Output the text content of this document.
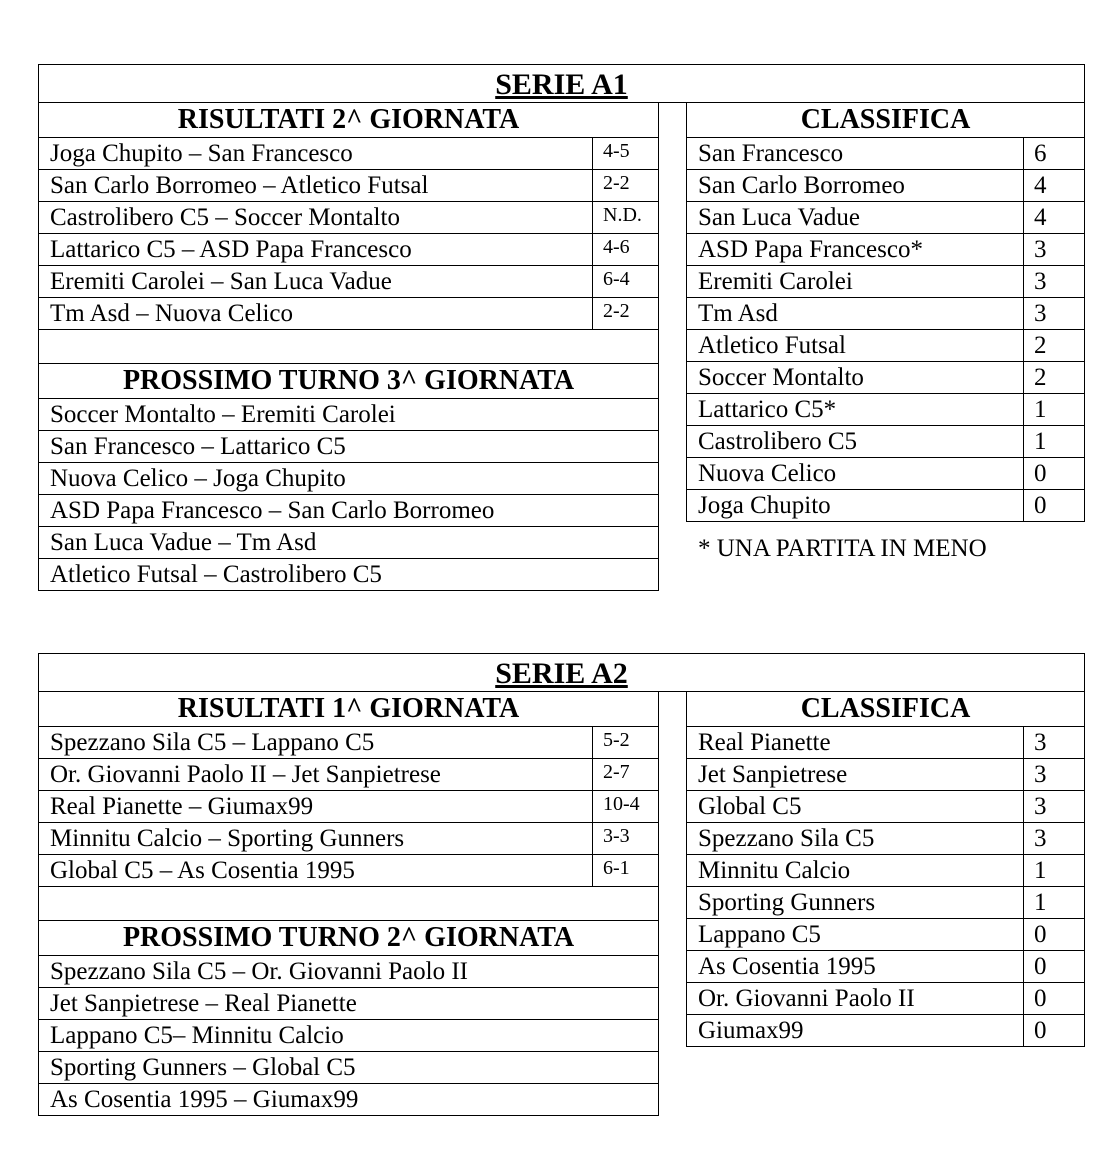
SERIE A1
RISULTATI 2^ GIORNATA	
Joga Chupito – San Francesco	4-5
San Carlo Borromeo – Atletico Futsal	2-2
Castrolibero C5 – Soccer Montalto	N.D.
Lattarico C5 – ASD Papa Francesco	4-6
Eremiti Carolei – San Luca Vadue	6-4
Tm Asd – Nuova Celico	2-2

PROSSIMO TURNO 3^ GIORNATA	
Soccer Montalto – Eremiti Carolei	
San Francesco – Lattarico C5	
Nuova Celico – Joga Chupito	
ASD Papa Francesco – San Carlo Borromeo	
San Luca Vadue – Tm Asd	
Atletico Futsal – Castrolibero C5	
CLASSIFICA	
San Francesco	6
San Carlo Borromeo	4
San Luca Vadue	4
ASD Papa Francesco*	3
Eremiti Carolei	3
Tm Asd	3
Atletico Futsal	2
Soccer Montalto	2
Lattarico C5*	1
Castrolibero C5	1
Nuova Celico	0
Joga Chupito	0
* UNA PARTITA IN MENO
SERIE A2
RISULTATI 1^ GIORNATA	
Spezzano Sila C5 – Lappano C5	5-2
Or. Giovanni Paolo II – Jet Sanpietrese	2-7
Real Pianette – Giumax99	10-4
Minnitu Calcio – Sporting Gunners	3-3
Global C5 – As Cosentia 1995	6-1

PROSSIMO TURNO 2^ GIORNATA	
Spezzano Sila C5 – Or. Giovanni Paolo II	
Jet Sanpietrese – Real Pianette	
Lappano C5– Minnitu Calcio	
Sporting Gunners – Global C5	
As Cosentia 1995 – Giumax99	
CLASSIFICA	
Real Pianette	3
Jet Sanpietrese	3
Global C5	3
Spezzano Sila C5	3
Minnitu Calcio	1
Sporting Gunners	1
Lappano C5	0
As Cosentia 1995	0
Or. Giovanni Paolo II	0
Giumax99	0
